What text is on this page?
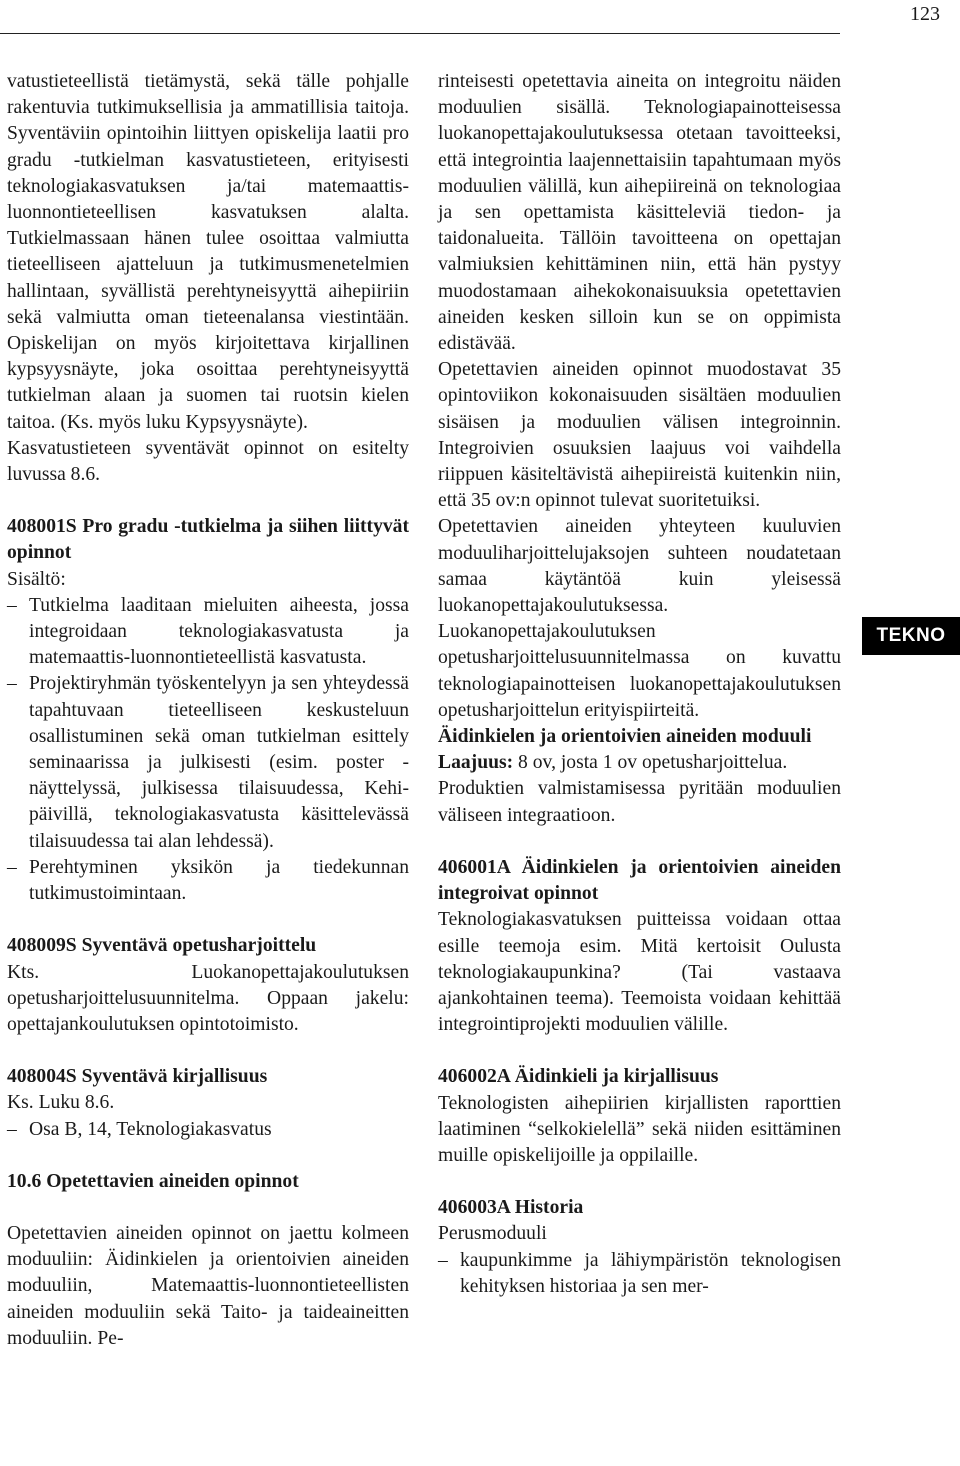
123

vatustieteellistä tietämystä, sekä tälle pohjalle rakentuvia tutkimuksellisia ja ammatillisia taitoja. Syventäviin opintoihin liittyen opiskelija laatii pro gradu -tutkielman kasvatustieteen, erityisesti teknologiakasvatuksen ja/tai matemaattis-luonnontieteellisen kasvatuksen alalta. Tutkielmassaan hänen tulee osoittaa valmiutta tieteelliseen ajatteluun ja tutkimusmenetelmien hallintaan, syvällistä perehtyneisyyttä aihepiiriin sekä valmiutta oman tieteenalansa viestintään. Opiskelijan on myös kirjoitettava kirjallinen kypsyysnäyte, joka osoittaa perehtyneisyyttä tutkielman alaan ja suomen tai ruotsin kielen taitoa. (Ks. myös luku Kypsyysnäyte).

Kasvatustieteen syventävät opinnot on esitelty luvussa 8.6.

408001S Pro gradu -tutkielma ja siihen liittyvät opinnot

Sisältö:

– Tutkielma laaditaan mieluiten aiheesta, jossa integroidaan teknologiakasvatusta ja matemaattis-luonnontieteellistä kasvatusta.
– Projektiryhmän työskentelyyn ja sen yhteydessä tapahtuvaan tieteelliseen keskusteluun osallistuminen sekä oman tutkielman esittely seminaarissa ja julkisesti (esim. poster -näyttelyssä, julkisessa tilaisuudessa, Kehi-päivillä, teknologiakasvatusta käsittelevässä tilaisuudessa tai alan lehdessä).
– Perehtyminen yksikön ja tiedekunnan tutkimustoimintaan.

408009S Syventävä opetusharjoittelu

Kts. Luokanopettajakoulutuksen opetusharjoittelusuunnitelma. Oppaan jakelu: opettajankoulutuksen opintotoimisto.

408004S Syventävä kirjallisuus

Ks. Luku 8.6.

– Osa B, 14, Teknologiakasvatus

10.6 Opetettavien aineiden opinnot

Opetettavien aineiden opinnot on jaettu kolmeen moduuliin: Äidinkielen ja orientoivien aineiden moduuliin, Matemaattis-luonnontieteellisten aineiden moduuliin sekä Taito- ja taideaineitten moduuliin. Pe-

rinteisesti opetettavia aineita on integroitu näiden moduulien sisällä. Teknologiapainotteisessa luokanopettajakoulutuksessa otetaan tavoitteeksi, että integrointia laajennettaisiin tapahtumaan myös moduulien välillä, kun aihepiireinä on teknologiaa ja sen opettamista käsitteleviä tiedon- ja taidonalueita. Tällöin tavoitteena on opettajan valmiuksien kehittäminen niin, että hän pystyy muodostamaan aihekokonaisuuksia opetettavien aineiden kesken silloin kun se on oppimista edistävää.

Opetettavien aineiden opinnot muodostavat 35 opintoviikon kokonaisuuden sisältäen moduulien sisäisen ja moduulien välisen integroinnin. Integroivien osuuksien laajuus voi vaihdella riippuen käsiteltävistä aihepiireistä kuitenkin niin, että 35 ov:n opinnot tulevat suoritetuiksi.

Opetettavien aineiden yhteyteen kuuluvien moduuliharjoittelujaksojen suhteen noudatetaan samaa käytäntöä kuin yleisessä luokanopettajakoulutuksessa. Luokanopettajakoulutuksen opetusharjoittelusuunnitelmassa on kuvattu teknologiapainotteisen luokanopettajakoulutuksen opetusharjoittelun erityispiirteitä.

Äidinkielen ja orientoivien aineiden moduuli

Laajuus: 8 ov, josta 1 ov opetusharjoittelua.

Produktien valmistamisessa pyritään moduulien väliseen integraatioon.

406001A Äidinkielen ja orientoivien aineiden integroivat opinnot

Teknologiakasvatuksen puitteissa voidaan ottaa esille teemoja esim. Mitä kertoisit Oulusta teknologiakaupunkina? (Tai vastaava ajankohtainen teema). Teemoista voidaan kehittää integrointiprojekti moduulien välille.

406002A Äidinkieli ja kirjallisuus

Teknologisten aihepiirien kirjallisten raporttien laatiminen “selkokielellä” sekä niiden esittäminen muille opiskelijoille ja oppilaille.

406003A Historia

Perusmoduuli

– kaupunkimme ja lähiympäristön teknologisen kehityksen historiaa ja sen mer-
TEKNO
